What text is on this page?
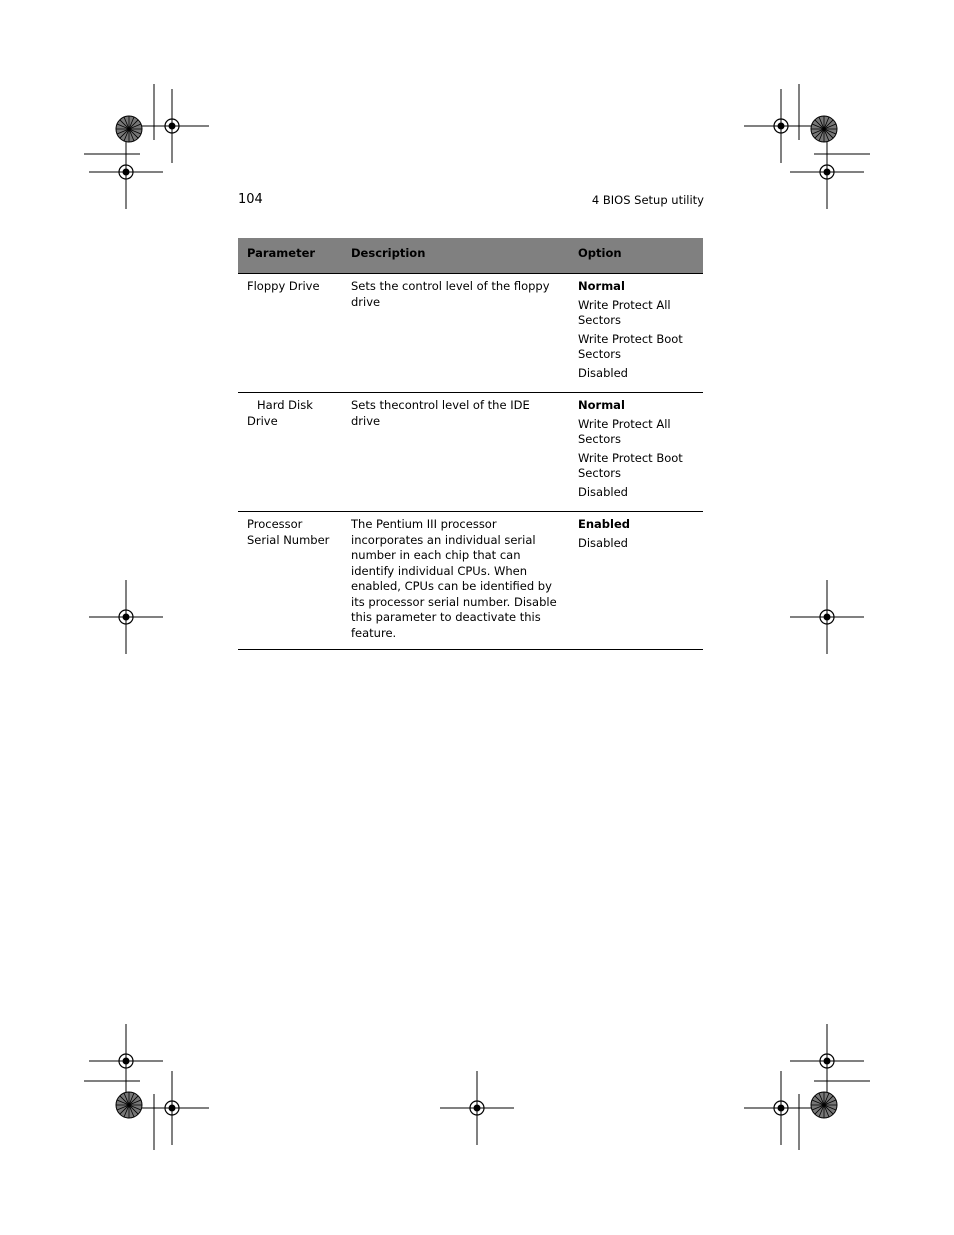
104	4 BIOS Setup utility
Parameter	Description	Option
Floppy Drive	Sets the control level of the floppy drive	Normal
Write Protect All Sectors
Write Protect Boot Sectors
Disabled

Hard Disk Drive	Sets thecontrol level of the IDE drive	Normal
Write Protect All Sectors
Write Protect Boot Sectors
Disabled

Processor Serial Number	The Pentium III processor incorporates an individual serial number in each chip that can identify individual CPUs. When enabled, CPUs can be identified by its processor serial number. Disable this parameter to deactivate this feature.	Enabled
Disabled
